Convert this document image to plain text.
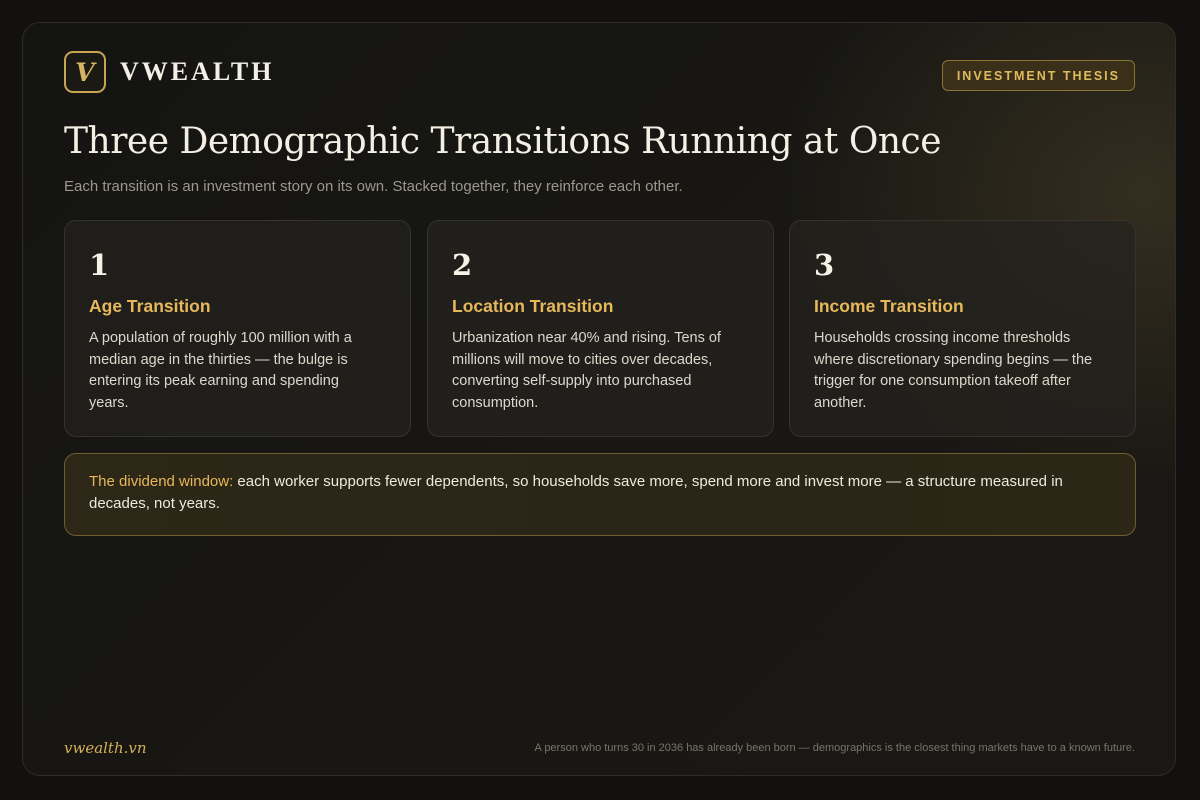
V VWEALTH	INVESTMENT THESIS
Three Demographic Transitions Running at Once

Each transition is an investment story on its own. Stacked together, they reinforce each other.

1
Age Transition

A population of roughly 100 million with a median age in the thirties — the bulge is entering its peak earning and spending years.

2
Location Transition

Urbanization near 40% and rising. Tens of millions will move to cities over decades, converting self-supply into purchased consumption.

3
Income Transition

Households crossing income thresholds where discretionary spending begins — the trigger for one consumption takeoff after another.

The dividend window: each worker supports fewer dependents, so households save more, spend more and invest more — a structure measured in decades, not years.
vwealth.vn	A person who turns 30 in 2036 has already been born — demographics is the closest thing markets have to a known future.
